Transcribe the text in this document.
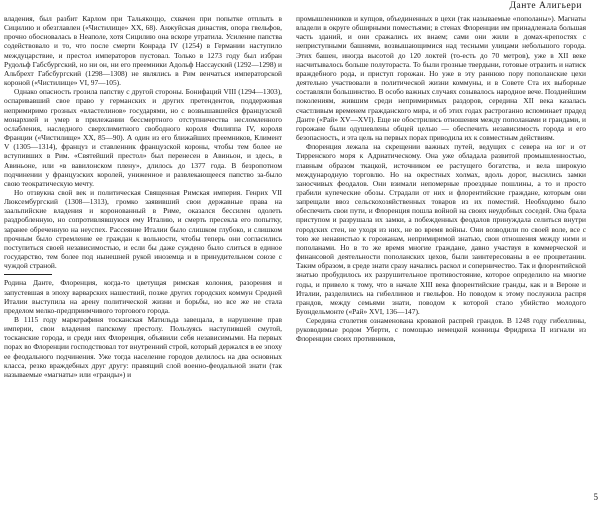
Данте Алигьери

владения, был разбит Карлом при Тальякоццо, схвачен при попытке отплыть в Сицилию и обезглавлен («Чистилище» XX, 68). Анжуйская династия, опора гвельфов, прочно обосновалась в Неаполе, хотя Сицилию она вскоре утратила. Усиление папства содействовало и то, что после смерти Конрада IV (1254) в Германии наступило междуцарствие, и престол императоров пустовал. Только в 1273 году был избран Рудольф Габсбургский, но ни он, ни его преемники Адольф Нассауский (1292—1298) и Альбрехт Габсбургский (1298—1308) не являлись в Рим венчаться императорской короной («Чистилище» VI, 97—105).

Однако опасность грозила папству с другой стороны. Бонифаций VIII (1294—1303), оспаривавший свое право у германских и других претендентов, поддерживая непримиримо грозных «властелинов» государями, но с возвышавшейся французской монархией и умер в прилежании бессмертного отступничества несломленного ослабления, наследного сверхлимитного свободного короля Филиппа IV, короля Франции («Чистилище» XX, 85—90). А один из его ближайших преемников, Климент V (1305—1314), француз и ставленник французской короны, чтобы тем более не вступивших в Рим. «Святейший престол» был перенесен в Авиньон, и здесь, в Авиньоне, или «в вавилонском плену», длилось до 1377 года. В безропотном подчинении у французских королей, униженное и развлекающееся папство за-было свою теократическую мечту.

Но отзвукиа свой век и политическая Священная Римская империя. Генрих VII Люксембургский (1308—1313), громко заявивший свои державные права на заальпийские владения и коронованный в Риме, оказался бессилен одолеть раздробленную, но сопротивлявшуюся ему Италию, и смерть пресекла его попытку, заранее обреченную на неуспех. Рассеяние Италии было слишком глубоко, и слишком прочным было стремление ее граждан к вольности, чтобы теперь они согласились поступиться своей независимостью, и если бы даже суждено было слиться в единое государство, тем более под нынешней рукой иноземца и в принудительном союзе с чуждой страной.

Родина Данте, Флоренция, когда-то цветущая римская колония, разорения и запустевшая в эпоху варварских нашествий, позже других городских коммун Средней Италии выступила на арену политической жизни и борьбы, но все же не стала пределом мелко-предприимчивого торгового города.

В 1115 году маркграфиня тосканская Матильда завещала, в нарушение прав империи, свои владения папскому престолу. Пользуясь наступившей смутой, тосканские города, и среди них Флоренция, объявили себя независимыми. На первых порах во Флоренции господствовал тот внутренний строй, который держался в ее эпоху ее феодального подчинения. Уже тогда население городов делилось на два основных класса, резко враждебных друг другу: правящий слой военно-феодальной знати (так называемые «магнаты» или «гранды») и

промышленников и купцов, объединенных в цехи (так называемые «пополаны»). Магнаты владели в округе обширными поместьями; в стенах Флоренции им принадлежала большая часть зданий, и они сражались их внаем; сами они жили в домах-крепостях с неприступными башнями, возвышающимися над тесными улицами небольшого города. Этих башен, иногда высотой до 120 локтей (то-есть до 70 метров), уже в XII веке насчитывалось больше полутораста. То были грозные твердыни, готовые отразить и натиск враждебного рода, и приступ горожан. Но уже в эту раннюю пору пополанские цехи деятельно участвовали в политической жизни коммуны, и в Совете Ста их выборные составляли большинство. В особо важных случаях созывалось народное вече. Позднейшим поколениям, жившим среди непримиримых раздоров, середина XII века казалась счастливым временем гражданского мира, и об этих годах растроганно вспоминает прадед Данте («Рай» XV—XVI). Еще не обострились отношения между пополанами и грандами, и горожане были одушевлены общей целью — обеспечить независимость города и его безопасность, и эта цель на первых порах приводила их к совместным действиям.

Флоренция лежала на скрещении важных путей, ведущих с севера на юг и от Тирренского моря к Адриатическому. Она уже обладала развитой промышленностью, главным образом ткацкой, источником ее растущего богатства, и вела широкую международную торговлю. Но на окрестных холмах, вдоль дорог, высились замки заносчивых феодалов. Они взимали непомерные проездные пошлины, а то и просто грабили купеческие обозы. Страдали от них и флорентийские граждане, которым они запрещали ввоз сельскохозяйственных товаров из их поместий. Необходимо было обеспечить свои пути, и Флоренция пошла войной на своих неудобных соседей. Она брала приступом и разрушала их замки, а побежденных феодалов принуждала селиться внутри городских стен, не уходя из них, не во время войны. Они возводили по своей воле, все с тою же ненавистью к горожанам, непримиримой знатью, свои отношения между ними и пополанами. Но в то же время многие граждане, давно участвуя в коммерческой и финансовой деятельности пополанских цехов, были заинтересованы в ее процветании. Таким образом, в среде знати сразу начались раскол и соперничество. Так и флорентийской знатью пробудилось их разрушительное противостояние, которое определило на многие годы, и привело к тому, что в начале XIII века флорентийские гранды, как и в Вероне и Италии, разделились на гибеллинов и гвельфов. Но поводом к этому послужила распря грандов, между семьями знати, поводом к которой стало убийство молодого Буондельмонте («Рай» XVI, 136—147).

Середина столетия ознаменована кровавой распрей грандов. В 1248 году гибеллины, руководимые родом Уберти, с помощью немецкой конницы Фридриха II изгнали из Флоренции своих противников,

5
